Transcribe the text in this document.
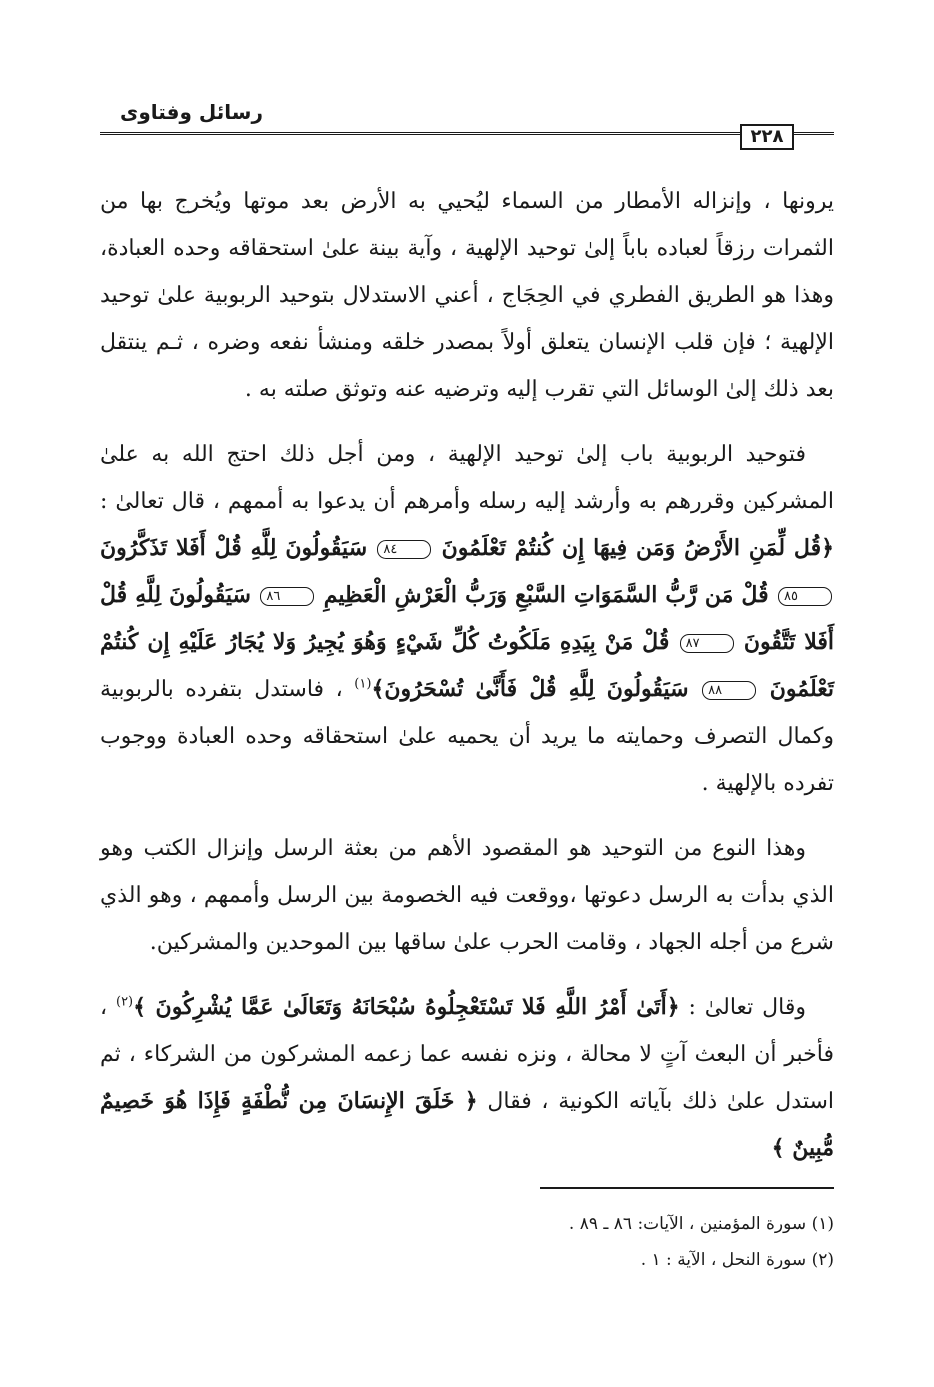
رسائل وفتاوى
٢٢٨

يرونها ، وإنزاله الأمطار من السماء ليُحيي به الأرض بعد موتها ويُخرج بها من الثمرات رزقاً لعباده باباً إلىٰ توحيد الإلهية ، وآية بينة علىٰ استحقاقه وحده العبادة، وهذا هو الطريق الفطري في الحِجَاج ، أعني الاستدلال بتوحيد الربوبية علىٰ توحيد الإلهية ؛ فإن قلب الإنسان يتعلق أولاً بمصدر خلقه ومنشأ نفعه وضره ، ثـم ينتقل بعد ذلك إلىٰ الوسائل التي تقرب إليه وترضيه عنه وتوثق صلته به .

فتوحيد الربوبية باب إلىٰ توحيد الإلهية ، ومن أجل ذلك احتج الله به علىٰ المشركين وقررهم به وأرشد إليه رسله وأمرهم أن يدعوا به أممهم ، قال تعالىٰ : ﴿قُل لِّمَنِ الأَرْضُ وَمَن فِيهَا إِن كُنتُمْ تَعْلَمُونَ ٨٤ سَيَقُولُونَ لِلَّهِ قُلْ أَفَلا تَذَكَّرُونَ ٨٥ قُلْ مَن رَّبُّ السَّمَوَاتِ السَّبْعِ وَرَبُّ الْعَرْشِ الْعَظِيمِ ٨٦ سَيَقُولُونَ لِلَّهِ قُلْ أَفَلا تَتَّقُونَ ٨٧ قُلْ مَنْ بِيَدِهِ مَلَكُوتُ كُلِّ شَيْءٍ وَهُوَ يُجِيرُ وَلا يُجَارُ عَلَيْهِ إِن كُنتُمْ تَعْلَمُونَ ٨٨ سَيَقُولُونَ لِلَّهِ قُلْ فَأَنَّىٰ تُسْحَرُونَ﴾$^{(١)}$ ، فاستدل بتفرده بالربوبية وكمال التصرف وحمايته ما يريد أن يحميه علىٰ استحقاقه وحده العبادة ووجوب تفرده بالإلهية .

وهذا النوع من التوحيد هو المقصود الأهم من بعثة الرسل وإنزال الكتب وهو الذي بدأت به الرسل دعوتها ،ووقعت فيه الخصومة بين الرسل وأممهم ، وهو الذي شرع من أجله الجهاد ، وقامت الحرب علىٰ ساقها بين الموحدين والمشركين.

وقال تعالىٰ : ﴿أَتَىٰ أَمْرُ اللَّهِ فَلا تَسْتَعْجِلُوهُ سُبْحَانَهُ وَتَعَالَىٰ عَمَّا يُشْرِكُونَ ﴾$^{(٢)}$ ، فأخبر أن البعث آتٍ لا محالة ، ونزه نفسه عما زعمه المشركون من الشركاء ، ثم استدل علىٰ ذلك بآياته الكونية ، فقال ﴿ خَلَقَ الإِنسَانَ مِن نُّطْفَةٍ فَإِذَا هُوَ خَصِيمٌ مُّبِينٌ ﴾

(١) سورة المؤمنين ، الآيات: ٨٦ ـ ٨٩ .
(٢) سورة النحل ، الآية : ١ .
